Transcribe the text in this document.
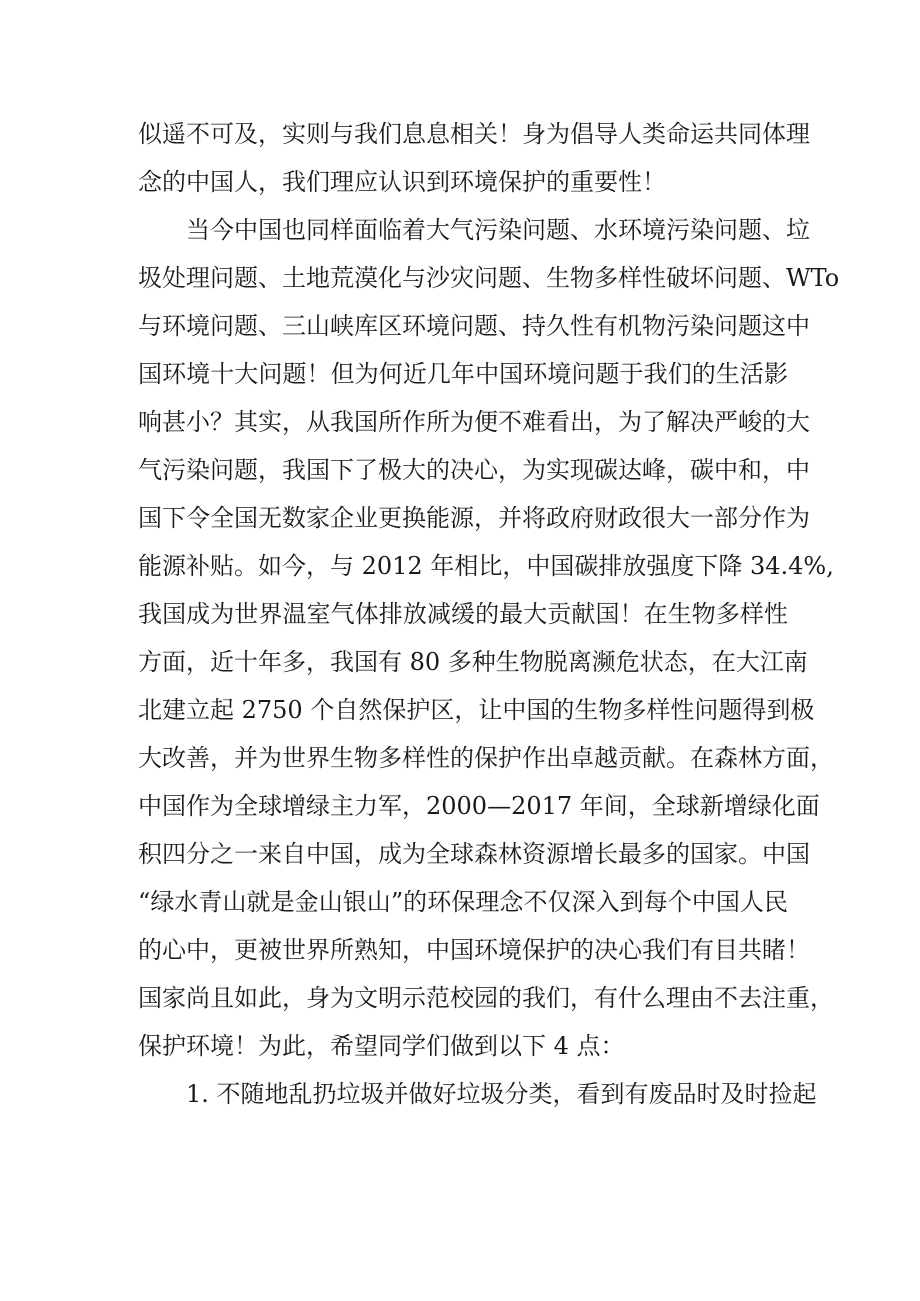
似遥不可及，实则与我们息息相关！身为倡导人类命运共同体理
念的中国人，我们理应认识到环境保护的重要性！
当今中国也同样面临着大气污染问题、水环境污染问题、垃
圾处理问题、土地荒漠化与沙灾问题、生物多样性破坏问题、WTo
与环境问题、三山峡库区环境问题、持久性有机物污染问题这中
国环境十大问题！但为何近几年中国环境问题于我们的生活影
响甚小？其实，从我国所作所为便不难看出，为了解决严峻的大
气污染问题，我国下了极大的决心，为实现碳达峰，碳中和，中
国下令全国无数家企业更换能源，并将政府财政很大一部分作为
能源补贴。如今，与 2012 年相比，中国碳排放强度下降 34.4%,
我国成为世界温室气体排放减缓的最大贡献国！在生物多样性
方面，近十年多，我国有 80 多种生物脱离濒危状态，在大江南
北建立起 2750 个自然保护区，让中国的生物多样性问题得到极
大改善，并为世界生物多样性的保护作出卓越贡献。在森林方面，
中国作为全球增绿主力军，2000—2017 年间，全球新增绿化面
积四分之一来自中国，成为全球森林资源增长最多的国家。中国
“绿水青山就是金山银山”的环保理念不仅深入到每个中国人民
的心中，更被世界所熟知，中国环境保护的决心我们有目共睹！
国家尚且如此，身为文明示范校园的我们，有什么理由不去注重，
保护环境！为此，希望同学们做到以下 4 点：
1. 不随地乱扔垃圾并做好垃圾分类，看到有废品时及时捡起
